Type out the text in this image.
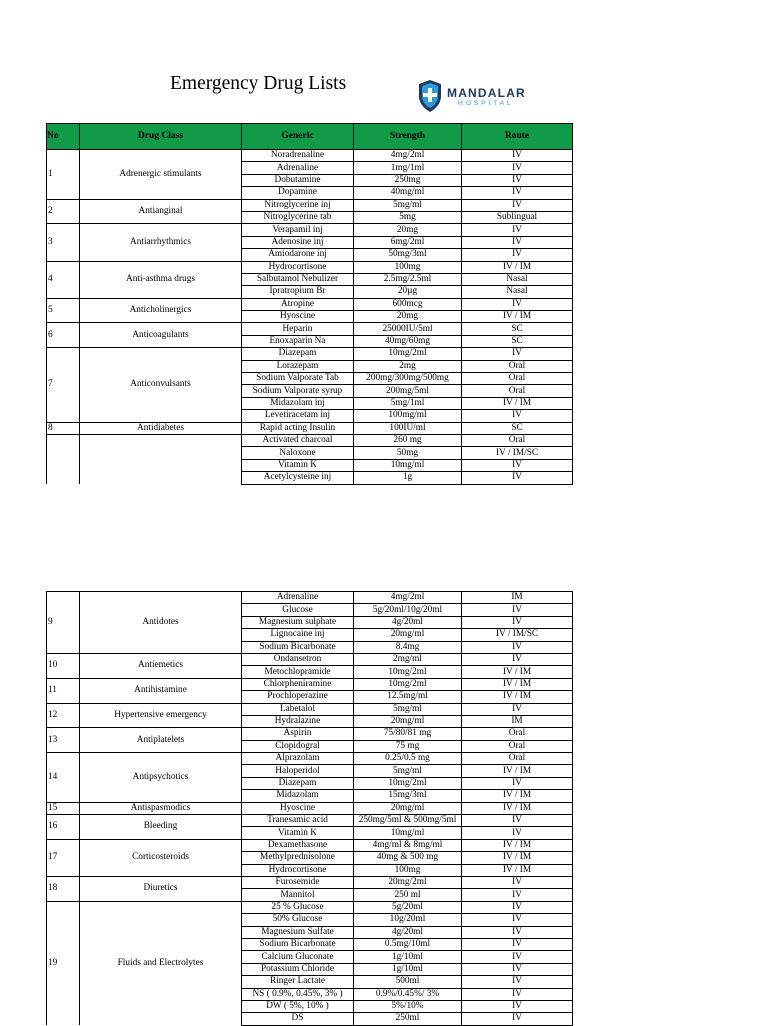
Emergency Drug Lists	MANDALAR
HOSPITAL
No	Drug Class	Generic	Strength	Route
1	Adrenergic stimulants	Noradrenaline	4mg/2ml	IV
		Adrenaline	1mg/1ml	IV
		Dobutamine	250mg	IV
		Dopamine	40mg/ml	IV
2	Antianginal	Nitroglycerine inj	5mg/ml	IV
		Nitroglycerine tab	5mg	Sublingual
3	Antiarrhythmics	Verapamil inj	20mg	IV
		Adenosine inj	6mg/2ml	IV
		Amiodarone inj	50mg/3ml	IV
4	Anti-asthma drugs	Hydrocortisone	100mg	IV / IM
		Salbutamol Nebulizer	2.5mg/2.5ml	Nasal
		Ipratropium Br	20µg	Nasal
5	Anticholinergics	Atropine	600mcg	IV
		Hyoscine	20mg	IV / IM
6	Anticoagulants	Heparin	25000IU/5ml	SC
		Enoxaparin Na	40mg/60mg	SC
7	Anticonvulsants	Diazepam	10mg/2ml	IV
		Lorazepam	2mg	Oral
		Sodium Valporate Tab	200mg/300mg/500mg	Oral
		Sodium Valporate syrup	200mg/5ml	Oral
		Midazolam inj	5mg/1ml	IV / IM
		Levetiracetam inj	100mg/ml	IV
8	Antidiabetes	Rapid acting Insulin	100IU/ml	SC
		Activated charcoal	260 mg	Oral
		Naloxone	50mg	IV / IM/SC
		Vitamin K	10mg/ml	IV
		Acetylcysteine inj	1g	IV
9	Antidotes	Adrenaline	4mg/2ml	IM
		Glucose	5g/20ml/10g/20ml	IV
		Magnesium sulphate	4g/20ml	IV
		Lignocaine inj	20mg/ml	IV / IM/SC
		Sodium Bicarbonate	8.4mg	IV
10	Antiemetics	Ondansetron	2mg/ml	IV
		Metochlopramide	10mg/2ml	IV / IM
11	Antihistamine	Chlorpheniramine	10mg/2ml	IV / IM
		Prochloperazine	12.5mg/ml	IV / IM
12	Hypertensive emergency	Labetalol	5mg/ml	IV
		Hydralazine	20mg/ml	IM
13	Antiplatelets	Aspirin	75/80/81 mg	Oral
		Clopidogral	75 mg	Oral
14	Antipsychotics	Alprazolam	0.25/0.5 mg	Oral
		Haloperidol	5mg/ml	IV / IM
		Diazepam	10mg/2ml	IV
		Midazolam	15mg/3ml	IV / IM
15	Antispasmodics	Hyoscine	20mg/ml	IV / IM
16	Bleeding	Tranesamic acid	250mg/5ml & 500mg/5ml	IV
		Vitamin K	10mg/ml	IV
17	Corticosteroids	Dexamethasone	4mg/ml & 8mg/ml	IV / IM
		Methylprednisolone	40mg & 500 mg	IV / IM
		Hydrocortisone	100mg	IV / IM
18	Diuretics	Furosemide	20mg/2ml	IV
		Mannitol	250 ml	IV
19	Fluids and Electrolytes	25 % Glucose	5g/20ml	IV
		50% Glucose	10g/20ml	IV
		Magnesium Sulfate	4g/20ml	IV
		Sodium Bicarbonate	0.5mg/10ml	IV
		Calcium Gluconate	1g/10ml	IV
		Potassium Chloride	1g/10ml	IV
		Ringer Lactate	500ml	IV
		NS ( 0.9%, 0.45%, 3% )	0.9%/0.45%/ 3%	IV
		DW ( 5%, 10% )	5%/10%	IV
		DS	250ml	IV
